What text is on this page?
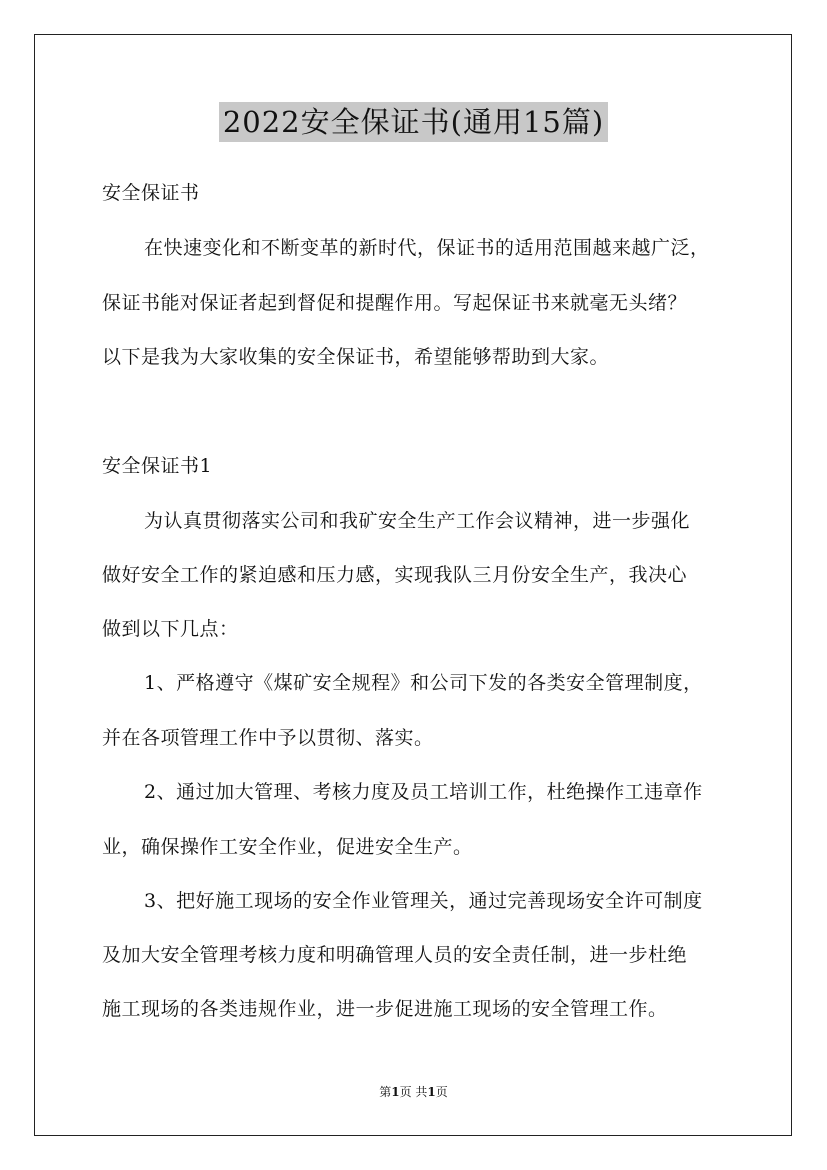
2022安全保证书(通用15篇)
安全保证书
在快速变化和不断变革的新时代，保证书的适用范围越来越广泛，
保证书能对保证者起到督促和提醒作用。写起保证书来就毫无头绪？
以下是我为大家收集的安全保证书，希望能够帮助到大家。
安全保证书1
为认真贯彻落实公司和我矿安全生产工作会议精神，进一步强化
做好安全工作的紧迫感和压力感，实现我队三月份安全生产，我决心
做到以下几点：
1、严格遵守《煤矿安全规程》和公司下发的各类安全管理制度，
并在各项管理工作中予以贯彻、落实。
2、通过加大管理、考核力度及员工培训工作，杜绝操作工违章作
业，确保操作工安全作业，促进安全生产。
3、把好施工现场的安全作业管理关，通过完善现场安全许可制度
及加大安全管理考核力度和明确管理人员的安全责任制，进一步杜绝
施工现场的各类违规作业，进一步促进施工现场的安全管理工作。
第1页 共1页
